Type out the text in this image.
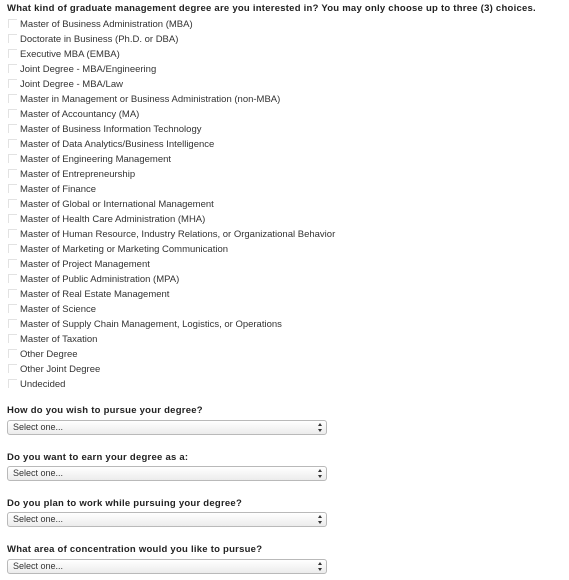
What kind of graduate management degree are you interested in? You may only choose up to three (3) choices.
Master of Business Administration (MBA)
Doctorate in Business (Ph.D. or DBA)
Executive MBA (EMBA)
Joint Degree - MBA/Engineering
Joint Degree - MBA/Law
Master in Management or Business Administration (non-MBA)
Master of Accountancy (MA)
Master of Business Information Technology
Master of Data Analytics/Business Intelligence
Master of Engineering Management
Master of Entrepreneurship
Master of Finance
Master of Global or International Management
Master of Health Care Administration (MHA)
Master of Human Resource, Industry Relations, or Organizational Behavior
Master of Marketing or Marketing Communication
Master of Project Management
Master of Public Administration (MPA)
Master of Real Estate Management
Master of Science
Master of Supply Chain Management, Logistics, or Operations
Master of Taxation
Other Degree
Other Joint Degree
Undecided
How do you wish to pursue your degree?
Select one...
Do you want to earn your degree as a:
Select one...
Do you plan to work while pursuing your degree?
Select one...
What area of concentration would you like to pursue?
Select one...
